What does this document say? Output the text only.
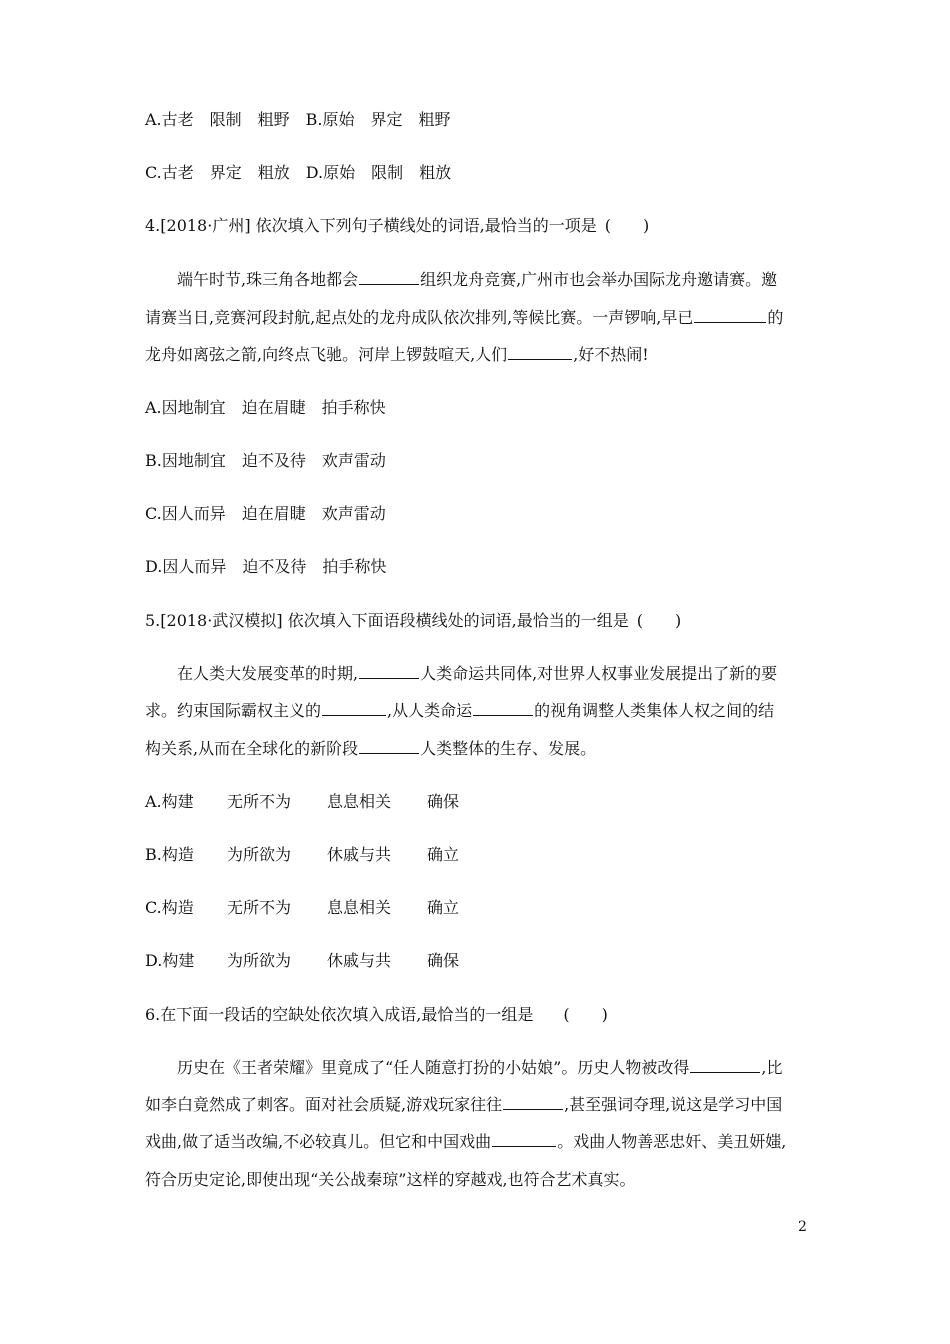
A.古老　限制　粗野　B.原始　界定　粗野
C.古老　界定　粗放　D.原始　限制　粗放
4.[2018·广州] 依次填入下列句子横线处的词语,最恰当的一项是 (　　)
端午时节,珠三角各地都会	组织龙舟竞赛,广州市也会举办国际龙舟邀请赛。邀
请赛当日,竞赛河段封航,起点处的龙舟成队依次排列,等候比赛。一声锣响,早已	的
龙舟如离弦之箭,向终点飞驰。河岸上锣鼓喧天,人们	,好不热闹!
A.因地制宜　迫在眉睫　拍手称快
B.因地制宜　迫不及待　欢声雷动
C.因人而异　迫在眉睫　欢声雷动
D.因人而异　迫不及待　拍手称快
5.[2018·武汉模拟] 依次填入下面语段横线处的词语,最恰当的一组是 (　　)
在人类大发展变革的时期,	人类命运共同体,对世界人权事业发展提出了新的要
求。约束国际霸权主义的	,从人类命运	的视角调整人类集体人权之间的结
构关系,从而在全球化的新阶段	人类整体的生存、发展。
A.构建 无所不为 息息相关 确保
B.构造 为所欲为 休戚与共 确立
C.构造 无所不为 息息相关 确立
D.构建 为所欲为 休戚与共 确保
6.在下面一段话的空缺处依次填入成语,最恰当的一组是 (　　)
历史在《王者荣耀》里竟成了“任人随意打扮的小姑娘”。历史人物被改得	,比
如李白竟然成了刺客。面对社会质疑,游戏玩家往往	,甚至强词夺理,说这是学习中国
戏曲,做了适当改编,不必较真儿。但它和中国戏曲	。戏曲人物善恶忠奸、美丑妍媸,
符合历史定论,即使出现“关公战秦琼”这样的穿越戏,也符合艺术真实。
2
